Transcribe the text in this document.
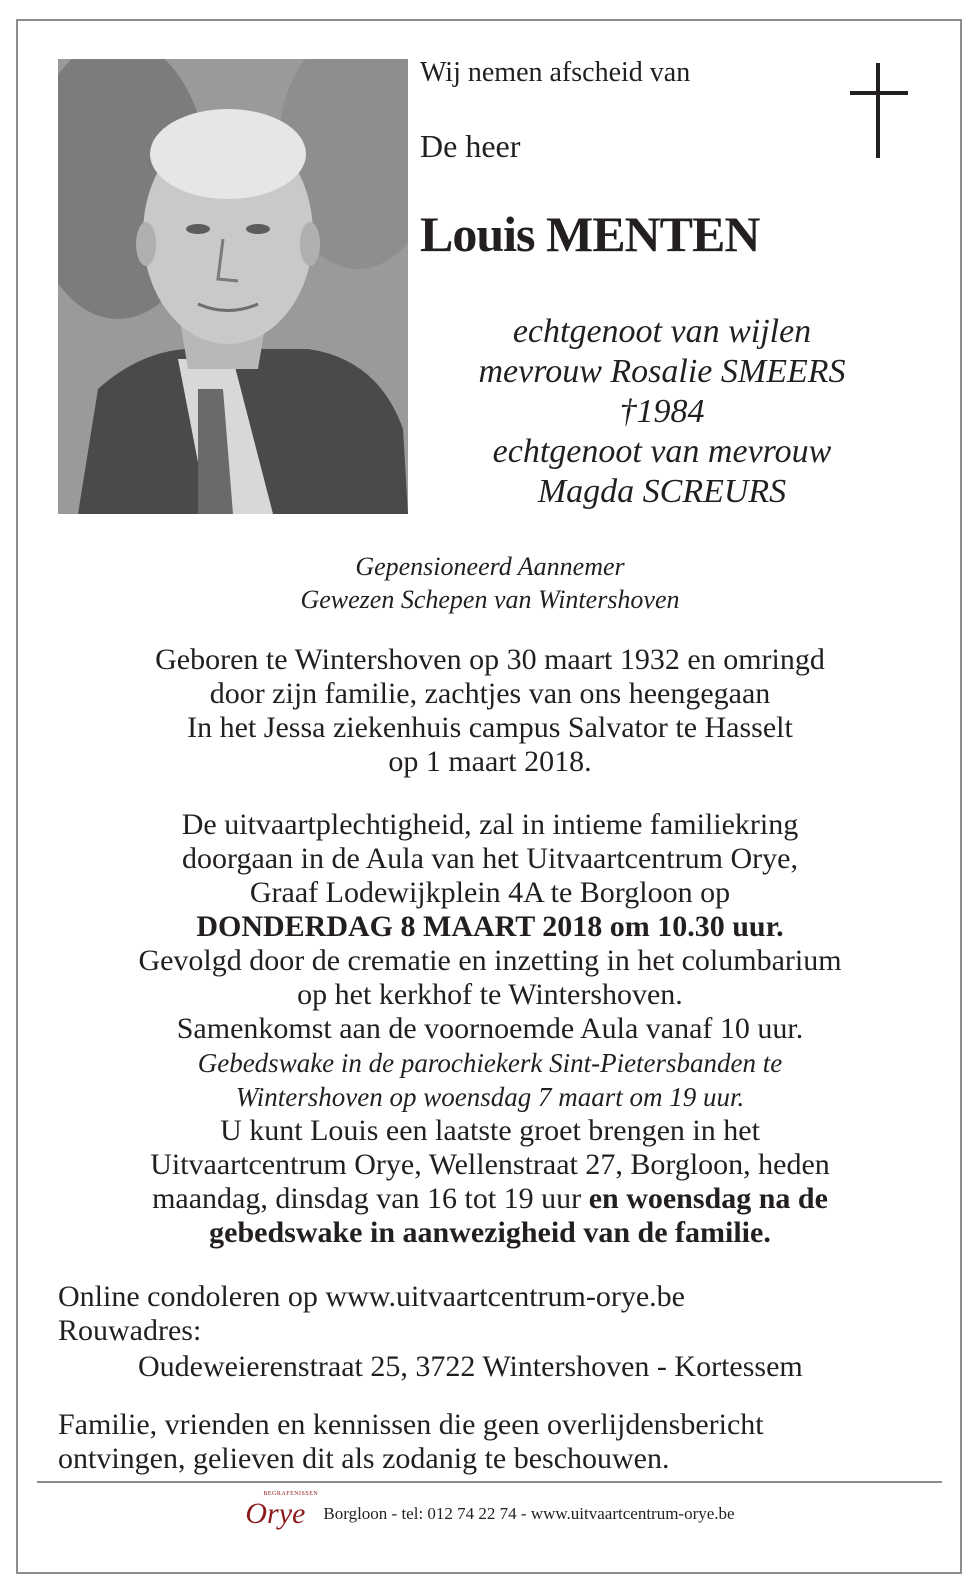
Wij nemen afscheid van
De heer
Louis MENTEN
echtgenoot van wijlen
mevrouw Rosalie SMEERS
†1984
echtgenoot van mevrouw
Magda SCREURS
Gepensioneerd Aannemer
Gewezen Schepen van Wintershoven
Geboren te Wintershoven op 30 maart 1932 en omringd
door zijn familie, zachtjes van ons heengegaan
In het Jessa ziekenhuis campus Salvator te Hasselt
op 1 maart 2018.
De uitvaartplechtigheid, zal in intieme familiekring
doorgaan in de Aula van het Uitvaartcentrum Orye,
Graaf Lodewijkplein 4A te Borgloon op
DONDERDAG 8 MAART 2018 om 10.30 uur.
Gevolgd door de crematie en inzetting in het columbarium
op het kerkhof te Wintershoven.
Samenkomst aan de voornoemde Aula vanaf 10 uur.
Gebedswake in de parochiekerk Sint-Pietersbanden te
Wintershoven op woensdag 7 maart om 19 uur.
U kunt Louis een laatste groet brengen in het
Uitvaartcentrum Orye, Wellenstraat 27, Borgloon, heden
maandag, dinsdag van 16 tot 19 uur en woensdag na de
gebedswake in aanwezigheid van de familie.
Online condoleren op www.uitvaartcentrum-orye.be
Rouwadres:
Oudeweierenstraat 25, 3722 Wintershoven - Kortessem
Familie, vrienden en kennissen die geen overlijdensbericht
ontvingen, gelieven dit als zodanig te beschouwen.
BEGRAFENISSEN
Orye Borgloon - tel: 012 74 22 74 - www.uitvaartcentrum-orye.be
